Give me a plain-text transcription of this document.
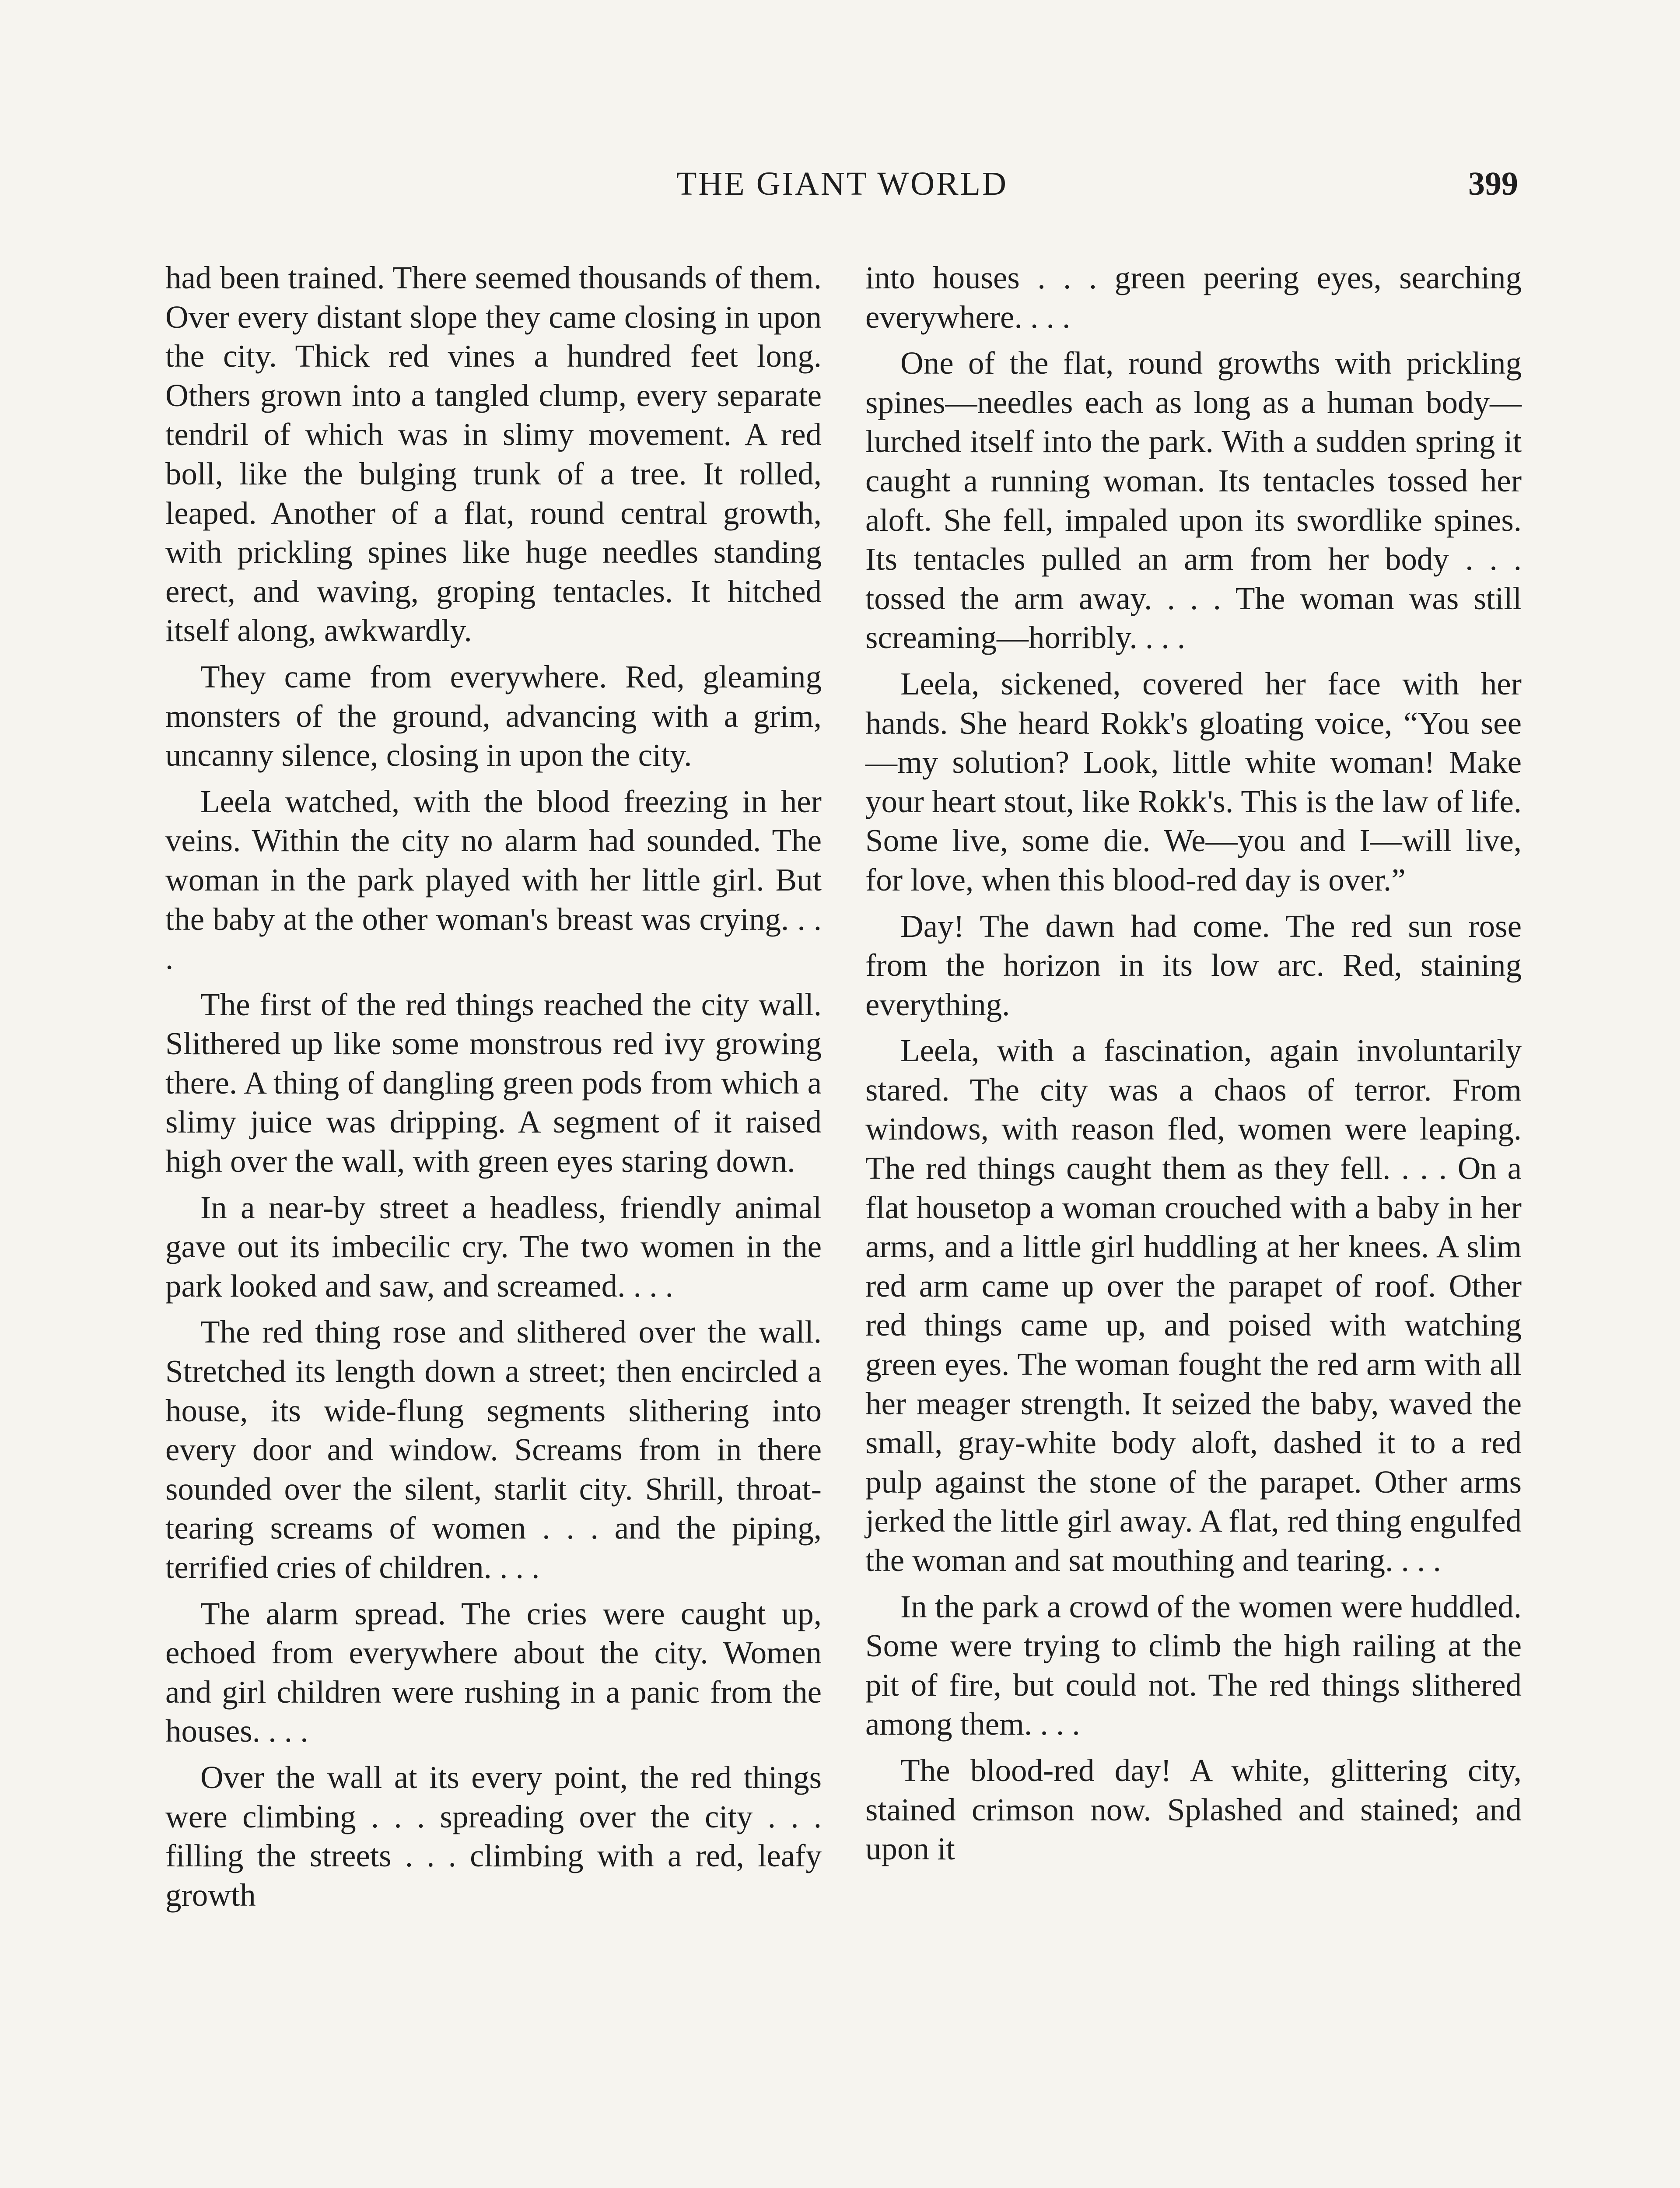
THE GIANT WORLD	399

had been trained. There seemed thousands of them. Over every distant slope they came closing in upon the city. Thick red vines a hundred feet long. Others grown into a tangled clump, every separate tendril of which was in slimy movement. A red boll, like the bulging trunk of a tree. It rolled, leaped. Another of a flat, round central growth, with prickling spines like huge needles standing erect, and waving, groping tentacles. It hitched itself along, awkwardly.

They came from everywhere. Red, gleaming monsters of the ground, advancing with a grim, uncanny silence, closing in upon the city.

Leela watched, with the blood freezing in her veins. Within the city no alarm had sounded. The woman in the park played with her little girl. But the baby at the other woman's breast was crying. . . .

The first of the red things reached the city wall. Slithered up like some monstrous red ivy growing there. A thing of dangling green pods from which a slimy juice was dripping. A segment of it raised high over the wall, with green eyes staring down.

In a near-by street a headless, friendly animal gave out its imbecilic cry. The two women in the park looked and saw, and screamed. . . .

The red thing rose and slithered over the wall. Stretched its length down a street; then encircled a house, its wide-flung segments slithering into every door and window. Screams from in there sounded over the silent, starlit city. Shrill, throat-tearing screams of women . . . and the piping, terrified cries of children. . . .

The alarm spread. The cries were caught up, echoed from everywhere about the city. Women and girl children were rushing in a panic from the houses. . . .

Over the wall at its every point, the red things were climbing . . . spreading over the city . . . filling the streets . . . climbing with a red, leafy growth

into houses . . . green peering eyes, searching everywhere. . . .

One of the flat, round growths with prickling spines—needles each as long as a human body—lurched itself into the park. With a sudden spring it caught a running woman. Its tentacles tossed her aloft. She fell, impaled upon its swordlike spines. Its tentacles pulled an arm from her body . . . tossed the arm away. . . . The woman was still screaming—horribly. . . .

Leela, sickened, covered her face with her hands. She heard Rokk's gloating voice, “You see—my solution? Look, little white woman! Make your heart stout, like Rokk's. This is the law of life. Some live, some die. We—you and I—will live, for love, when this blood-red day is over.”

Day! The dawn had come. The red sun rose from the horizon in its low arc. Red, staining everything.

Leela, with a fascination, again involuntarily stared. The city was a chaos of terror. From windows, with reason fled, women were leaping. The red things caught them as they fell. . . . On a flat housetop a woman crouched with a baby in her arms, and a little girl huddling at her knees. A slim red arm came up over the parapet of roof. Other red things came up, and poised with watching green eyes. The woman fought the red arm with all her meager strength. It seized the baby, waved the small, gray-white body aloft, dashed it to a red pulp against the stone of the parapet. Other arms jerked the little girl away. A flat, red thing engulfed the woman and sat mouthing and tearing. . . .

In the park a crowd of the women were huddled. Some were trying to climb the high railing at the pit of fire, but could not. The red things slithered among them. . . .

The blood-red day! A white, glittering city, stained crimson now. Splashed and stained; and upon it
